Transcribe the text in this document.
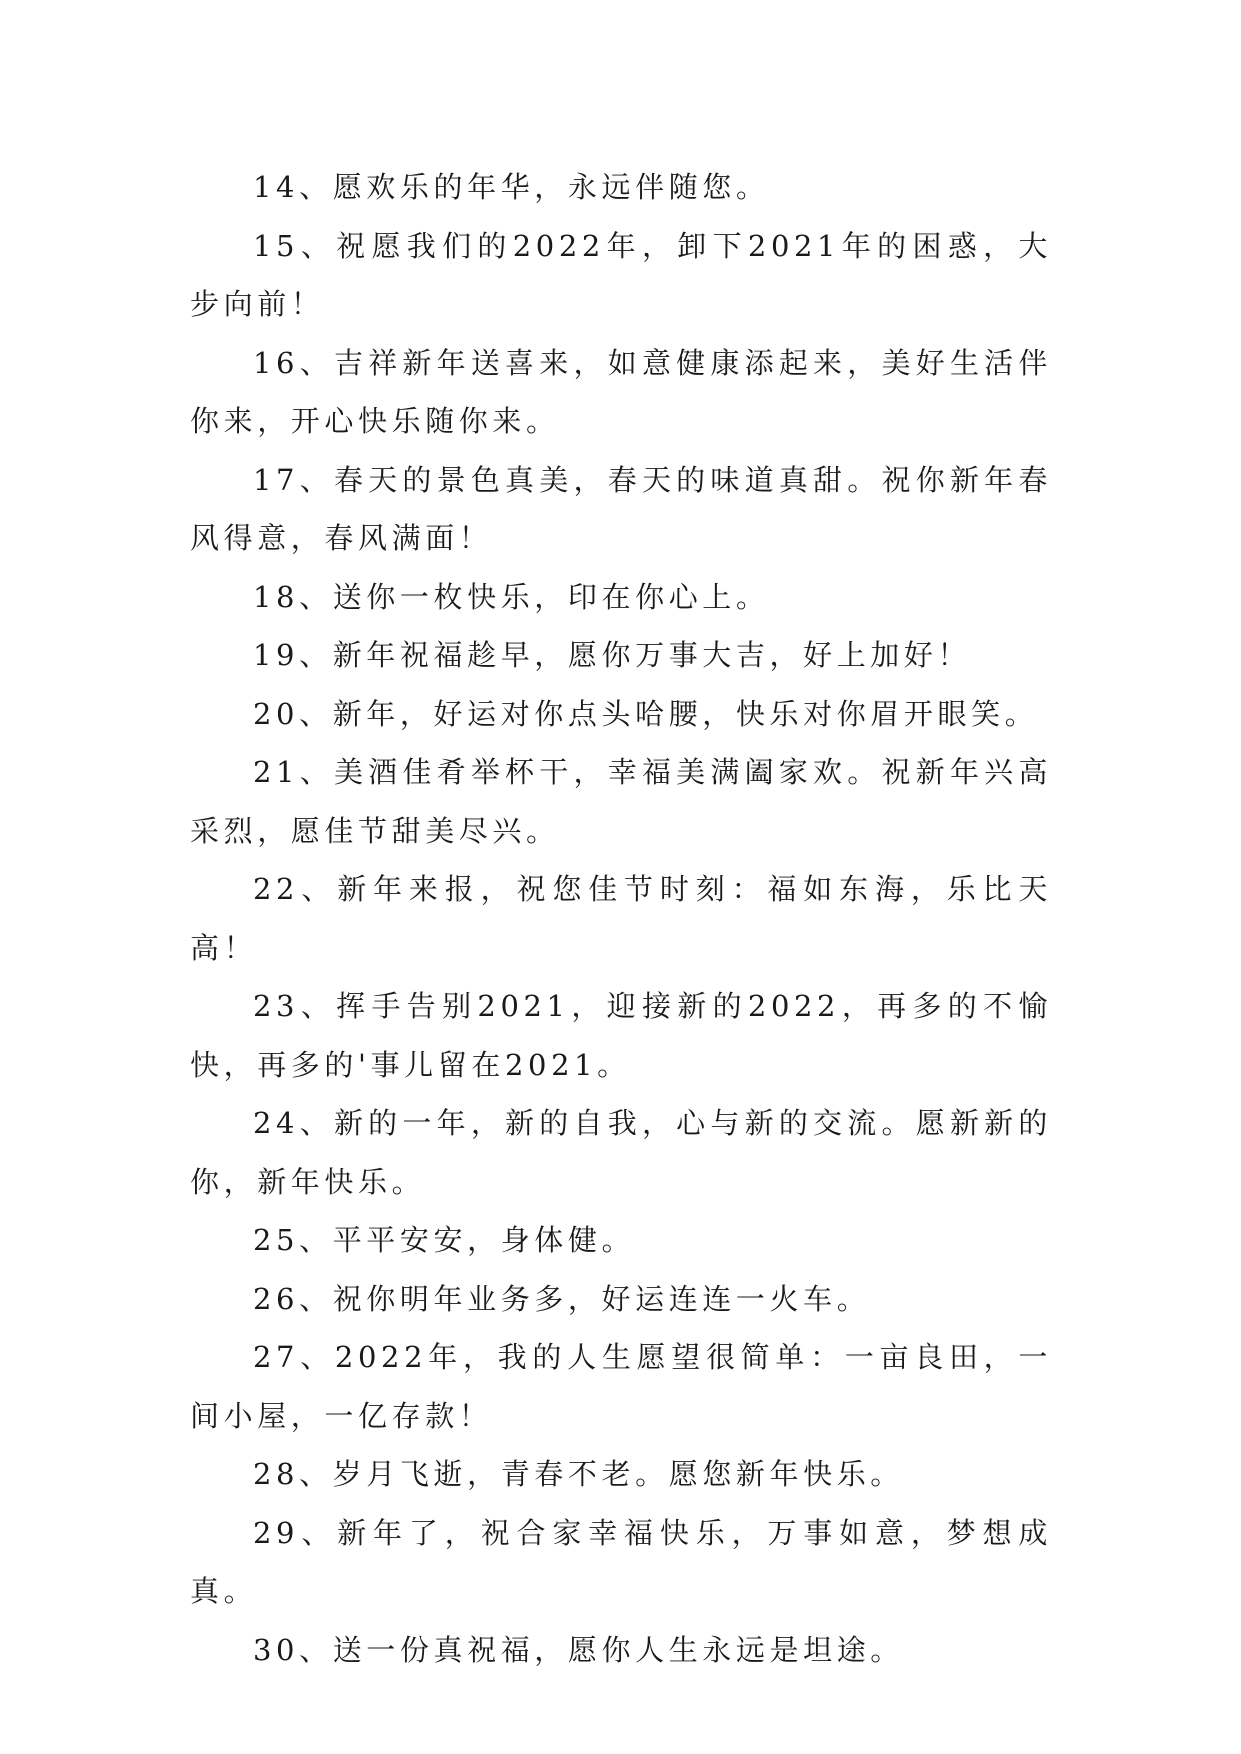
14、愿欢乐的年华，永远伴随您。

15、祝愿我们的2022年，卸下2021年的困惑，大步向前！

16、吉祥新年送喜来，如意健康添起来，美好生活伴你来，开心快乐随你来。

17、春天的景色真美，春天的味道真甜。祝你新年春风得意，春风满面！

18、送你一枚快乐，印在你心上。

19、新年祝福趁早，愿你万事大吉，好上加好！

20、新年，好运对你点头哈腰，快乐对你眉开眼笑。

21、美酒佳肴举杯干，幸福美满阖家欢。祝新年兴高采烈，愿佳节甜美尽兴。

22、新年来报，祝您佳节时刻：福如东海，乐比天高！

23、挥手告别2021，迎接新的2022，再多的不愉快，再多的'事儿留在2021。

24、新的一年，新的自我，心与新的交流。愿新新的你，新年快乐。

25、平平安安，身体健。

26、祝你明年业务多，好运连连一火车。

27、2022年，我的人生愿望很简单：一亩良田，一间小屋，一亿存款！

28、岁月飞逝，青春不老。愿您新年快乐。

29、新年了，祝合家幸福快乐，万事如意，梦想成真。

30、送一份真祝福，愿你人生永远是坦途。
